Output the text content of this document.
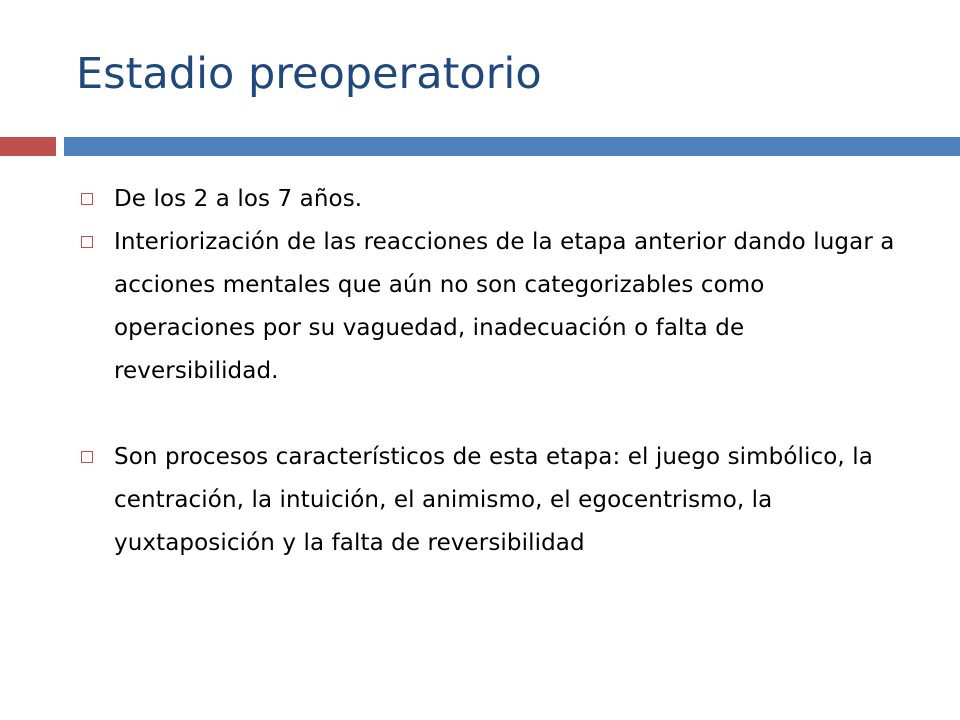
Estadio preoperatorio
De los 2 a los 7 años.
Interiorización de las reacciones de la etapa anterior dando lugar a acciones mentales que aún no son categorizables como operaciones por su vaguedad, inadecuación o falta de reversibilidad.
Son procesos característicos de esta etapa: el juego simbólico, la centración, la intuición, el animismo, el egocentrismo, la yuxtaposición y la falta de reversibilidad
